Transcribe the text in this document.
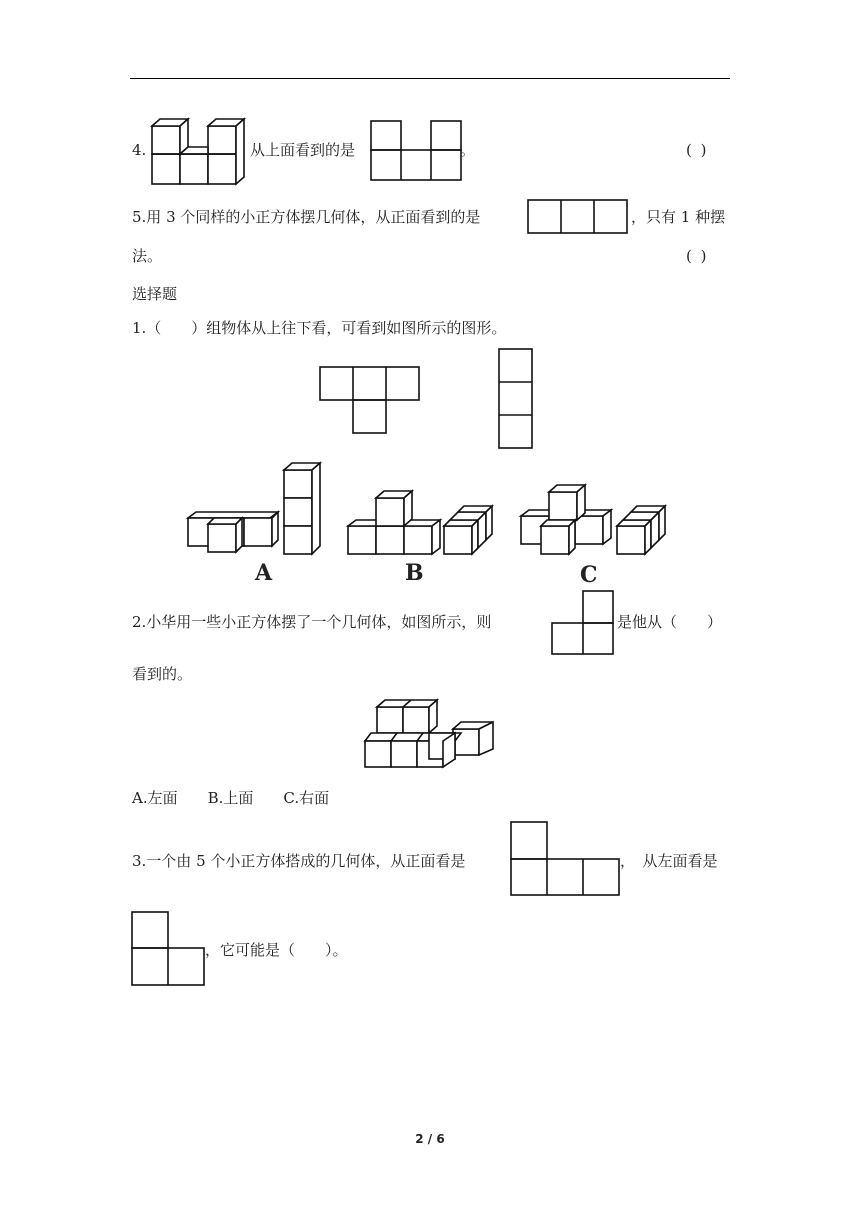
4.	从上面看到的是	。	( )
5.用 3 个同样的小正方体摆几何体，从正面看到的是	，只有 1 种摆
法。	( )
选择题
1.（　　）组物体从上往下看，可看到如图所示的图形。
A	B	C
2.小华用一些小正方体摆了一个几何体，如图所示，则	是他从（　　）
看到的。
A.左面　　B.上面　　C.右面
3.一个由 5 个小正方体搭成的几何体，从正面看是	，　从左面看是
，它可能是（　　）。
2 / 6
